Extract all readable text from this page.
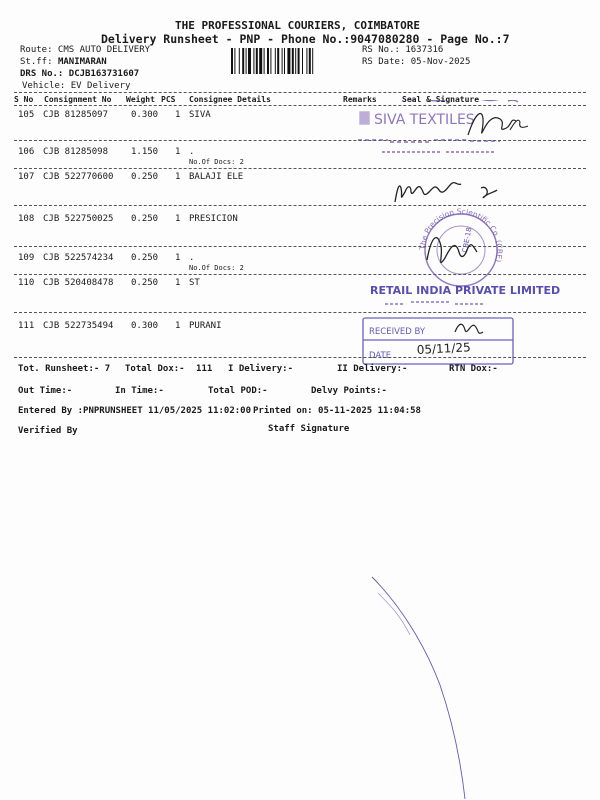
THE PROFESSIONAL COURIERS, COIMBATORE
Delivery Runsheet - PNP - Phone No.:9047080280 - Page No.:7
Route: CMS AUTO DELIVERY
St.ff: MANIMARAN
DRS No.: DCJB163731607
Vehicle: EV Delivery
RS No.: 1637316
RS Date: 05-Nov-2025
S No Consignment No Weight PCS Consignee Details	Remarks	Seal & Signature
105 CJB 81285097	0.300 1 SIVA
106 CJB 81285098	1.150 1 .
No.Of Docs: 2
107 CJB 522770600 0.250 1 BALAJI ELE
108 CJB 522750025 0.250 1 PRESICION
109 CJB 522574234 0.250 1 .
No.Of Docs: 2
110 CJB 520408478 0.250 1 ST
111 CJB 522735494 0.300 1 PURANI
Tot. Runsheet:- 7 Total Dox:- 111 I Delivery:-	II Delivery:-	RTN Dox:-
Out Time:-	In Time:-	Total POD:-	Delvy Points:-
Entered By :PNPRUNSHEET 11/05/2025 11:02:00 Printed on: 05-11-2025 11:04:58
Verified By	Staff Signature
SIVA TEXTILES
The Precision Scientific Co. (CBE)
CBE-18
RETAIL INDIA PRIVATE LIMITED
RECEIVED BY
DATE 05/11/25
